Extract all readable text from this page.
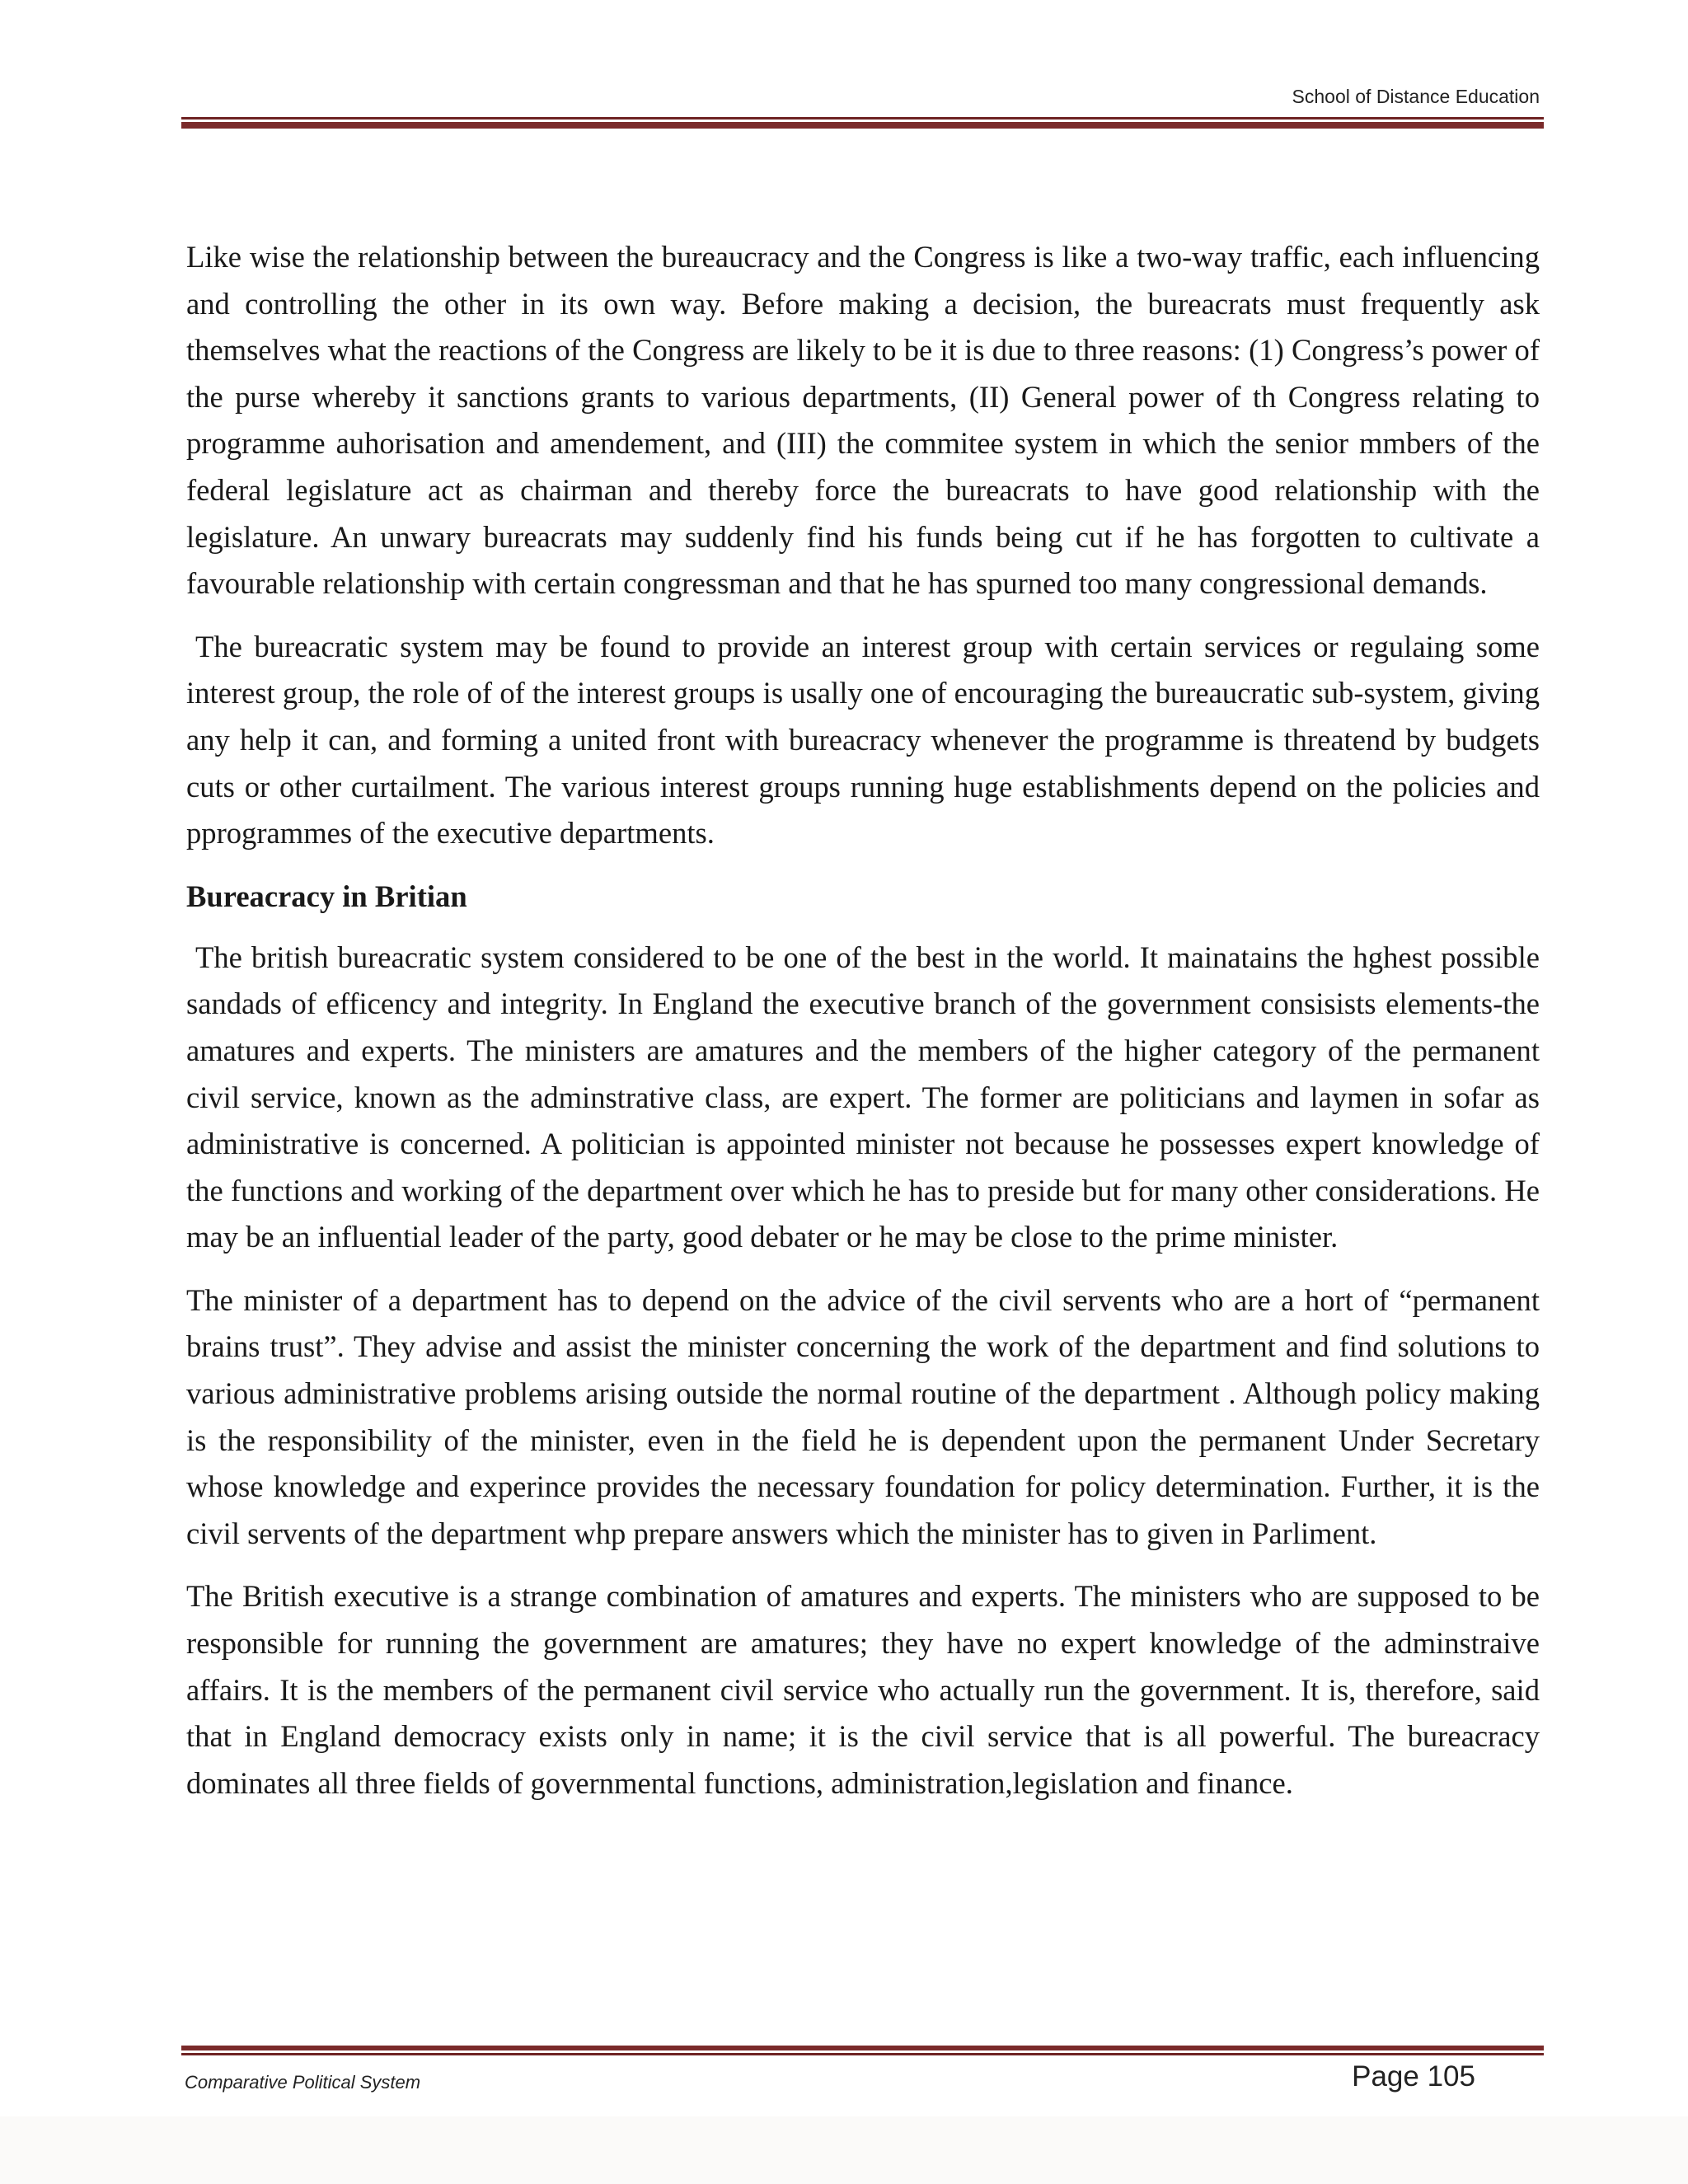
School of Distance Education

Like wise the relationship between the bureaucracy and the Congress is like a two-way traffic, each influencing and controlling the other in its own way. Before making a decision, the bureacrats must frequently ask themselves what the reactions of the Congress are likely to be it is due to three reasons: (1) Congress’s power of the purse whereby it sanctions grants to various departments, (II) General power of th Congress relating to programme auhorisation and amendement, and (III) the commitee system in which the senior mmbers of the federal legislature act as chairman and thereby force the bureacrats to have good relationship with the legislature. An unwary bureacrats may suddenly find his funds being cut if he has forgotten to cultivate a favourable relationship with certain congressman and that he has spurned too many congressional demands.

The bureacratic system may be found to provide an interest group with certain services or regulaing some interest group, the role of of the interest groups is usally one of encouraging the bureaucratic sub-system, giving any help it can, and forming a united front with bureacracy whenever the programme is threatend by budgets cuts or other curtailment. The various interest groups running huge establishments depend on the policies and pprogrammes of the executive departments.

Bureacracy in Britian

The british bureacratic system considered to be one of the best in the world. It mainatains the hghest possible sandads of efficency and integrity. In England the executive branch of the government consisists elements-the amatures and experts. The ministers are amatures and the members of the higher category of the permanent civil service, known as the adminstrative class, are expert. The former are politicians and laymen in sofar as administrative is concerned. A politician is appointed minister not because he possesses expert knowledge of the functions and working of the department over which he has to preside but for many other considerations. He may be an influential leader of the party, good debater or he may be close to the prime minister.

The minister of a department has to depend on the advice of the civil servents who are a hort of “permanent brains trust”. They advise and assist the minister concerning the work of the department and find solutions to various administrative problems arising outside the normal routine of the department . Although policy making is the responsibility of the minister, even in the field he is dependent upon the permanent Under Secretary whose knowledge and experince provides the necessary foundation for policy determination. Further, it is the civil servents of the department whp prepare answers which the minister has to given in Parliment.

The British executive is a strange combination of amatures and experts. The ministers who are supposed to be responsible for running the government are amatures; they have no expert knowledge of the adminstraive affairs. It is the members of the permanent civil service who actually run the government. It is, therefore, said that in England democracy exists only in name; it is the civil service that is all powerful. The bureacracy dominates all three fields of governmental functions, administration,legislation and finance.

Comparative Political System	Page 105
